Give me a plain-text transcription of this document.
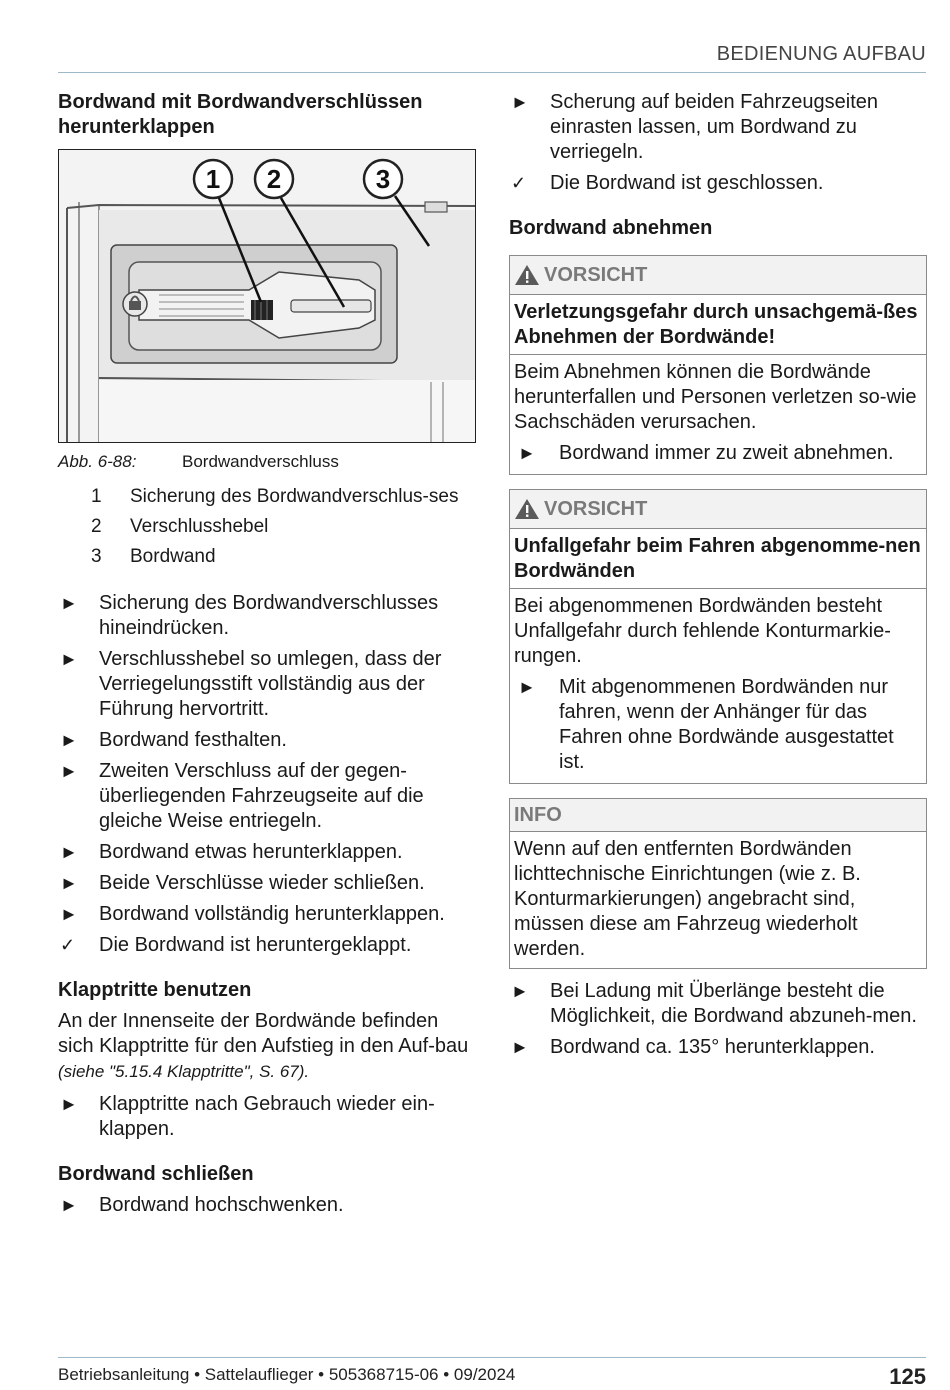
BEDIENUNG AUFBAU
Bordwand mit Bordwandverschlüssen herunterklappen
1 2	3
Abb. 6-88:	Bordwandverschluss
1 Sicherung des Bordwandverschlus-ses
2 Verschlusshebel
3 Bordwand
► Sicherung des Bordwandverschlusses hineindrücken.
► Verschlusshebel so umlegen, dass der Verriegelungsstift vollständig aus der Führung hervortritt.
► Bordwand festhalten.
► Zweiten Verschluss auf der gegen-überliegenden Fahrzeugseite auf die gleiche Weise entriegeln.
► Bordwand etwas herunterklappen.
► Beide Verschlüsse wieder schließen.
► Bordwand vollständig herunterklappen.
✓ Die Bordwand ist heruntergeklappt.
Klapptritte benutzen
An der Innenseite der Bordwände befinden sich Klapptritte für den Aufstieg in den Auf-bau (siehe "5.15.4 Klapptritte", S. 67).
► Klapptritte nach Gebrauch wieder ein-klappen.
Bordwand schließen
► Bordwand hochschwenken.
► Scherung auf beiden Fahrzeugseiten einrasten lassen, um Bordwand zu verriegeln.
✓ Die Bordwand ist geschlossen.
Bordwand abnehmen
VORSICHT
Verletzungsgefahr durch unsachgemä-ßes Abnehmen der Bordwände!
Beim Abnehmen können die Bordwände herunterfallen und Personen verletzen so-wie Sachschäden verursachen.
► Bordwand immer zu zweit abnehmen.
VORSICHT
Unfallgefahr beim Fahren abgenomme-nen Bordwänden
Bei abgenommenen Bordwänden besteht Unfallgefahr durch fehlende Konturmarkie-rungen.
► Mit abgenommenen Bordwänden nur fahren, wenn der Anhänger für das Fahren ohne Bordwände ausgestattet ist.
INFO
Wenn auf den entfernten Bordwänden lichttechnische Einrichtungen (wie z. B. Konturmarkierungen) angebracht sind, müssen diese am Fahrzeug wiederholt werden.
► Bei Ladung mit Überlänge besteht die Möglichkeit, die Bordwand abzuneh-men.
► Bordwand ca. 135° herunterklappen.
Betriebsanleitung • Sattelauflieger • 505368715-06 • 09/2024	125
